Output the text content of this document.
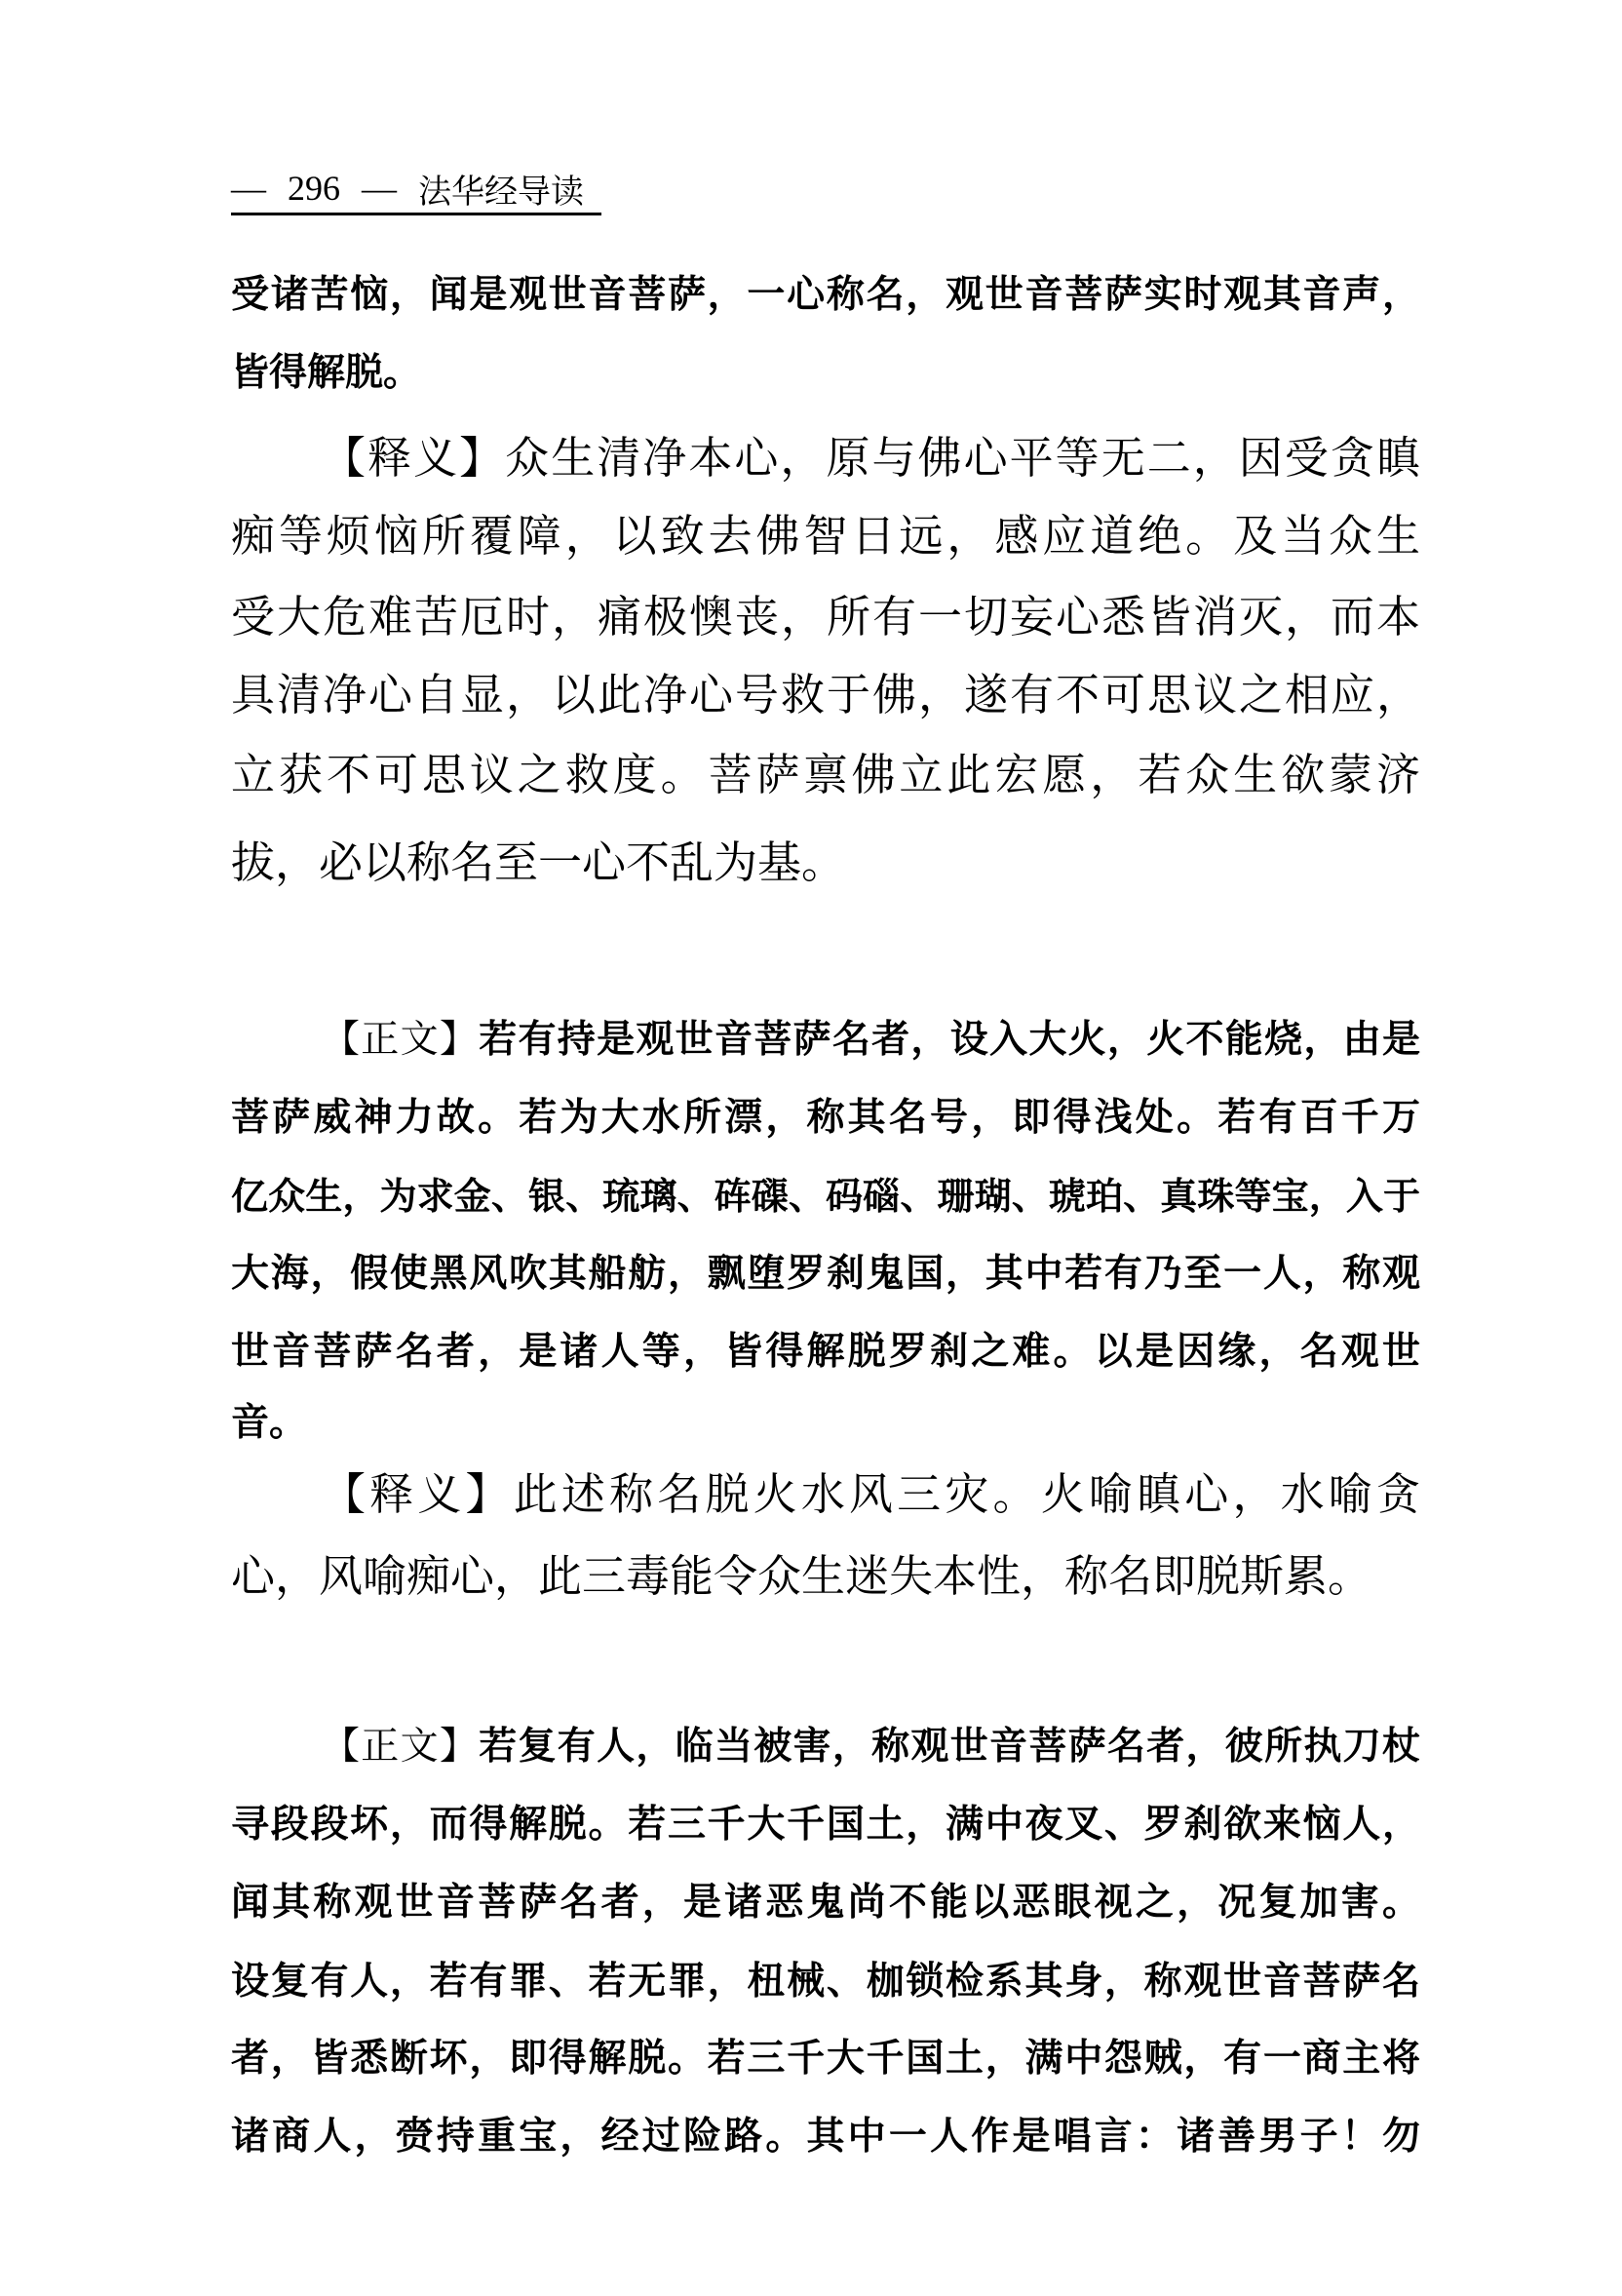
— 296 — 法华经导读
受诸苦恼，闻是观世音菩萨，一心称名，观世音菩萨实时观其音声，
皆得解脱。
【释义】众生清净本心，原与佛心平等无二，因受贪瞋
痴等烦恼所覆障，以致去佛智日远，感应道绝。及当众生
受大危难苦厄时，痛极懊丧，所有一切妄心悉皆消灭，而本
具清净心自显，以此净心号救于佛，遂有不可思议之相应，
立获不可思议之救度。菩萨禀佛立此宏愿，若众生欲蒙济
拔，必以称名至一心不乱为基。
【正文】若有持是观世音菩萨名者，设入大火，火不能烧，由是
菩萨威神力故。若为大水所漂，称其名号，即得浅处。若有百千万
亿众生，为求金、银、琉璃、砗磲、码碯、珊瑚、琥珀、真珠等宝，入于
大海，假使黑风吹其船舫，飘堕罗刹鬼国，其中若有乃至一人，称观
世音菩萨名者，是诸人等，皆得解脱罗刹之难。以是因缘，名观世
音。
【释义】此述称名脱火水风三灾。火喻瞋心，水喻贪
心，风喻痴心，此三毒能令众生迷失本性，称名即脱斯累。
【正文】若复有人，临当被害，称观世音菩萨名者，彼所执刀杖
寻段段坏，而得解脱。若三千大千国土，满中夜叉、罗刹欲来恼人，
闻其称观世音菩萨名者，是诸恶鬼尚不能以恶眼视之，况复加害。
设复有人，若有罪、若无罪，杻械、枷锁检系其身，称观世音菩萨名
者，皆悉断坏，即得解脱。若三千大千国土，满中怨贼，有一商主将
诸商人，赍持重宝，经过险路。其中一人作是唱言：诸善男子！勿
